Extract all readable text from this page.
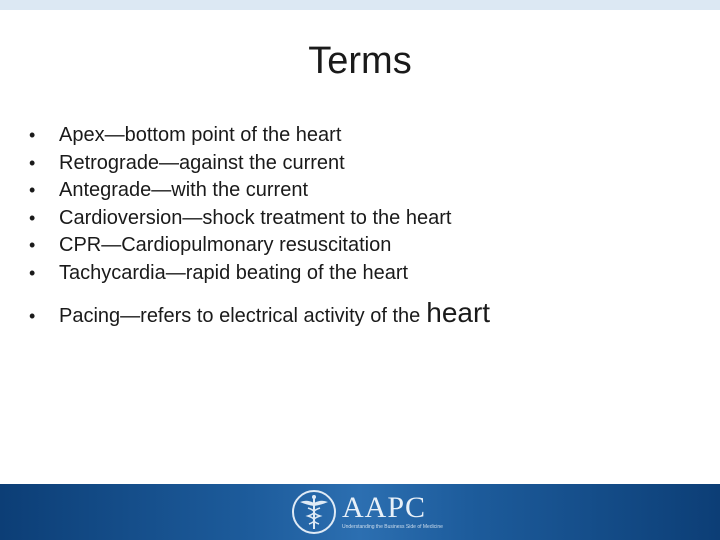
Terms
•	Apex—bottom point of the heart
•	Retrograde—against the current
•	Antegrade—with the current
•	Cardioversion—shock treatment to the heart
•	CPR—Cardiopulmonary resuscitation
•	Tachycardia—rapid beating of the heart
•	Pacing—refers to electrical activity of the heart
AAPC
Understanding the Business Side of Medicine
